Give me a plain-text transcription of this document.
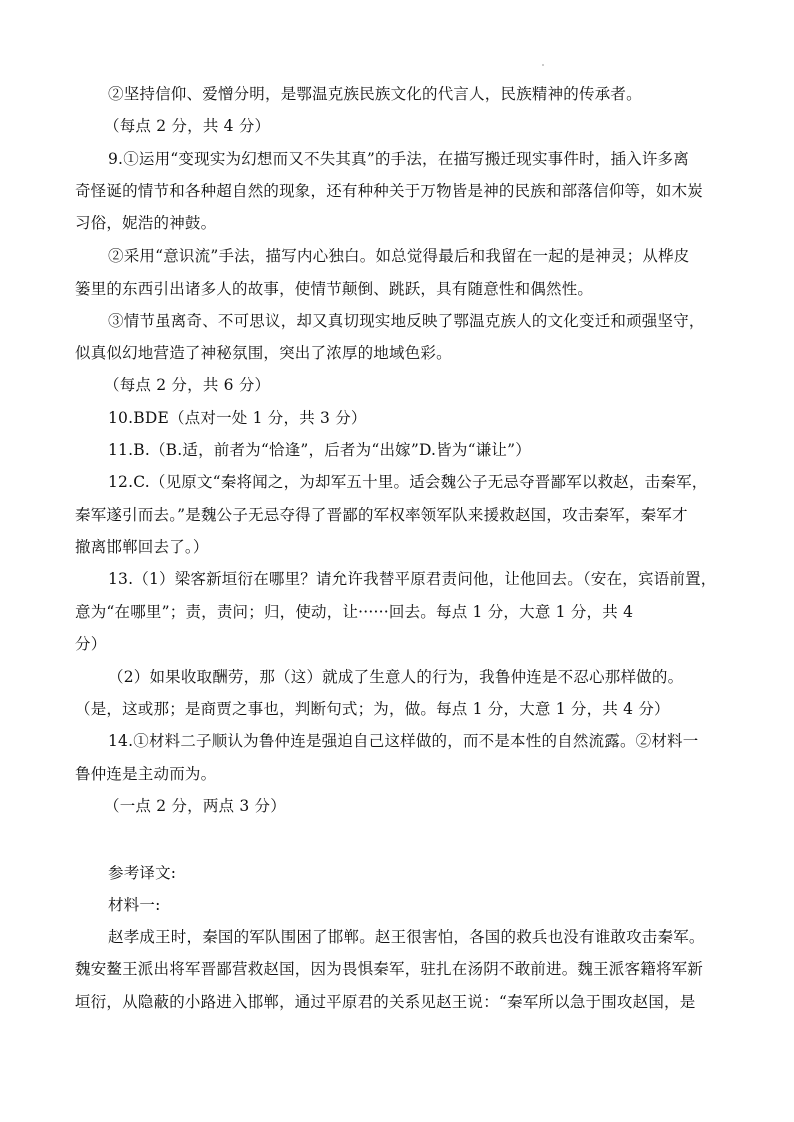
②坚持信仰、爱憎分明，是鄂温克族民族文化的代言人，民族精神的传承者。
（每点 2 分，共 4 分）
9.①运用“变现实为幻想而又不失其真”的手法，在描写搬迁现实事件时，插入许多离
奇怪诞的情节和各种超自然的现象，还有种种关于万物皆是神的民族和部落信仰等，如木炭
习俗，妮浩的神鼓。
②采用“意识流”手法，描写内心独白。如总觉得最后和我留在一起的是神灵；从桦皮
篓里的东西引出诸多人的故事，使情节颠倒、跳跃，具有随意性和偶然性。
③情节虽离奇、不可思议，却又真切现实地反映了鄂温克族人的文化变迁和顽强坚守，
似真似幻地营造了神秘氛围，突出了浓厚的地域色彩。
（每点 2 分，共 6 分）
10.BDE（点对一处 1 分，共 3 分）
11.B.（B.适，前者为“恰逢”，后者为“出嫁”D.皆为“谦让”）
12.C.（见原文“秦将闻之，为却军五十里。适会魏公子无忌夺晋鄙军以救赵，击秦军，
秦军遂引而去。”是魏公子无忌夺得了晋鄙的军权率领军队来援救赵国，攻击秦军，秦军才
撤离邯郸回去了。）
13.（1）梁客新垣衍在哪里？请允许我替平原君责问他，让他回去。（安在，宾语前置，
意为“在哪里”；责，责问；归，使动，让······回去。每点 1 分，大意 1 分，共 4
分）
（2）如果收取酬劳，那（这）就成了生意人的行为，我鲁仲连是不忍心那样做的。
（是，这或那；是商贾之事也，判断句式；为，做。每点 1 分，大意 1 分，共 4 分）
14.①材料二子顺认为鲁仲连是强迫自己这样做的，而不是本性的自然流露。②材料一
鲁仲连是主动而为。
（一点 2 分，两点 3 分）
参考译文:
材料一:
赵孝成王时，秦国的军队围困了邯郸。赵王很害怕，各国的救兵也没有谁敢攻击秦军。
魏安鳌王派出将军晋鄙营救赵国，因为畏惧秦军，驻扎在汤阴不敢前进。魏王派客籍将军新
垣衍，从隐蔽的小路进入邯郸，通过平原君的关系见赵王说：“秦军所以急于围攻赵国，是
